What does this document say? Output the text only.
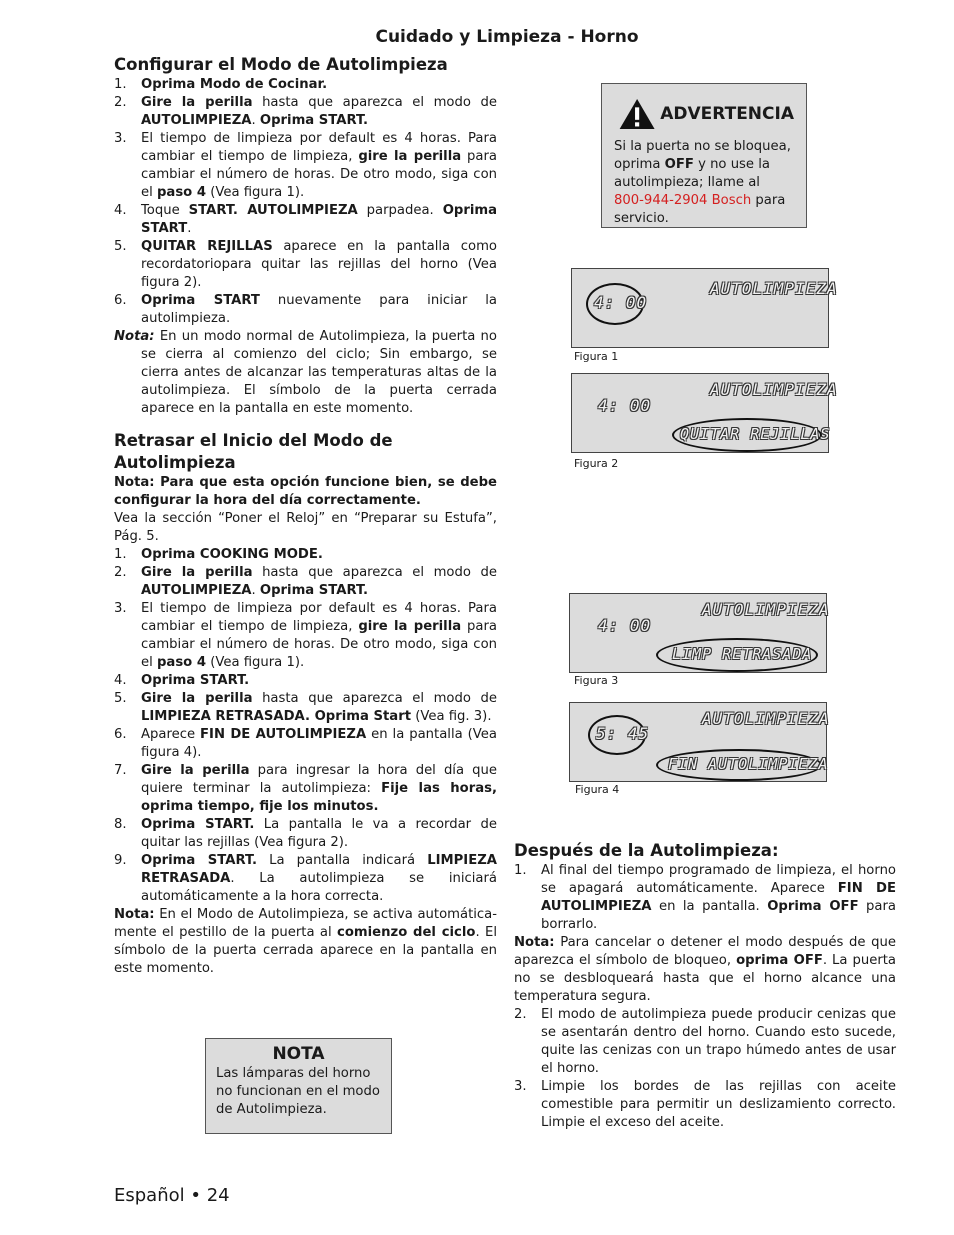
Cuidado y Limpieza - Horno
Configurar el Modo de Autolimpieza
1. Oprima Modo de Cocinar.
2. Gire la perilla hasta que aparezca el modo de AUTOLIMPIEZA. Oprima START.
3. El tiempo de limpieza por default es 4 horas. Para cambiar el tiempo de limpieza, gire la perilla para cambiar el número de horas. De otro modo, siga con el paso 4 (Vea figura 1).
4. Toque START. AUTOLIMPIEZA parpadea. Oprima START.
5. QUITAR REJILLAS aparece en la pantalla como recordatoriopara quitar las rejillas del horno (Vea figura 2).
6. Oprima START nuevamente para iniciar la autolimpieza.

Nota: En un modo normal de Autolimpieza, la puerta no se cierra al comienzo del ciclo; Sin embargo, se cierra antes de alcanzar las temperaturas altas de la autolimpieza. El símbolo de la puerta cerrada aparece en la pantalla en este momento.

Retrasar el Inicio del Modo de Autolimpieza

Nota: Para que esta opción funcione bien, se debe configurar la hora del día correctamente.

Vea la sección “Poner el Reloj” en “Preparar su Estufa”, Pág. 5.

1. Oprima COOKING MODE.
2. Gire la perilla hasta que aparezca el modo de AUTOLIMPIEZA. Oprima START.
3. El tiempo de limpieza por default es 4 horas. Para cambiar el tiempo de limpieza, gire la perilla para cambiar el número de horas. De otro modo, siga con el paso 4 (Vea figura 1).
4. Oprima START.
5. Gire la perilla hasta que aparezca el modo de LIMPIEZA RETRASADA. Oprima Start (Vea fig. 3).
6. Aparece FIN DE AUTOLIMPIEZA en la pantalla (Vea figura 4).
7. Gire la perilla para ingresar la hora del día que quiere terminar la autolimpieza: Fije las horas, oprima tiempo, fije los minutos.
8. Oprima START. La pantalla le va a recordar de quitar las rejillas (Vea figura 2).
9. Oprima START. La pantalla indicará LIMPIEZA RETRASADA. La autolimpieza se iniciará automáticamente a la hora correcta.

Nota: En el Modo de Autolimpieza, se activa automática- mente el pestillo de la puerta al comienzo del ciclo. El símbolo de la puerta cerrada aparece en la pantalla en este momento.

NOTA
Las lámparas del horno no funcionan en el modo de Autolimpieza.
ADVERTENCIA
Si la puerta no se bloquea, oprima OFF y no use la autolimpieza; llame al 800-944-2904 Bosch para servicio.
4: 00
AUTOLIMPIEZA
Figura 1
AUTOLIMPIEZA
4: 00
QUITAR REJILLAS
Figura 2
AUTOLIMPIEZA
4: 00
LIMP RETRASADA
Figura 3
AUTOLIMPIEZA
5: 45
FIN AUTOLIMPIEZA
Figura 4
Después de la Autolimpieza:
1. Al final del tiempo programado de limpieza, el horno se apagará automáticamente. Aparece FIN DE AUTOLIMPIEZA en la pantalla. Oprima OFF para borrarlo.

Nota: Para cancelar o detener el modo después de que aparezca el símbolo de bloqueo, oprima OFF. La puerta no se desbloqueará hasta que el horno alcance una temperatura segura.

2. El modo de autolimpieza puede producir cenizas que se asentarán dentro del horno. Cuando esto sucede, quite las cenizas con un trapo húmedo antes de usar el horno.
3. Limpie los bordes de las rejillas con aceite comestible para permitir un deslizamiento correcto. Limpie el exceso del aceite.
Español • 24
